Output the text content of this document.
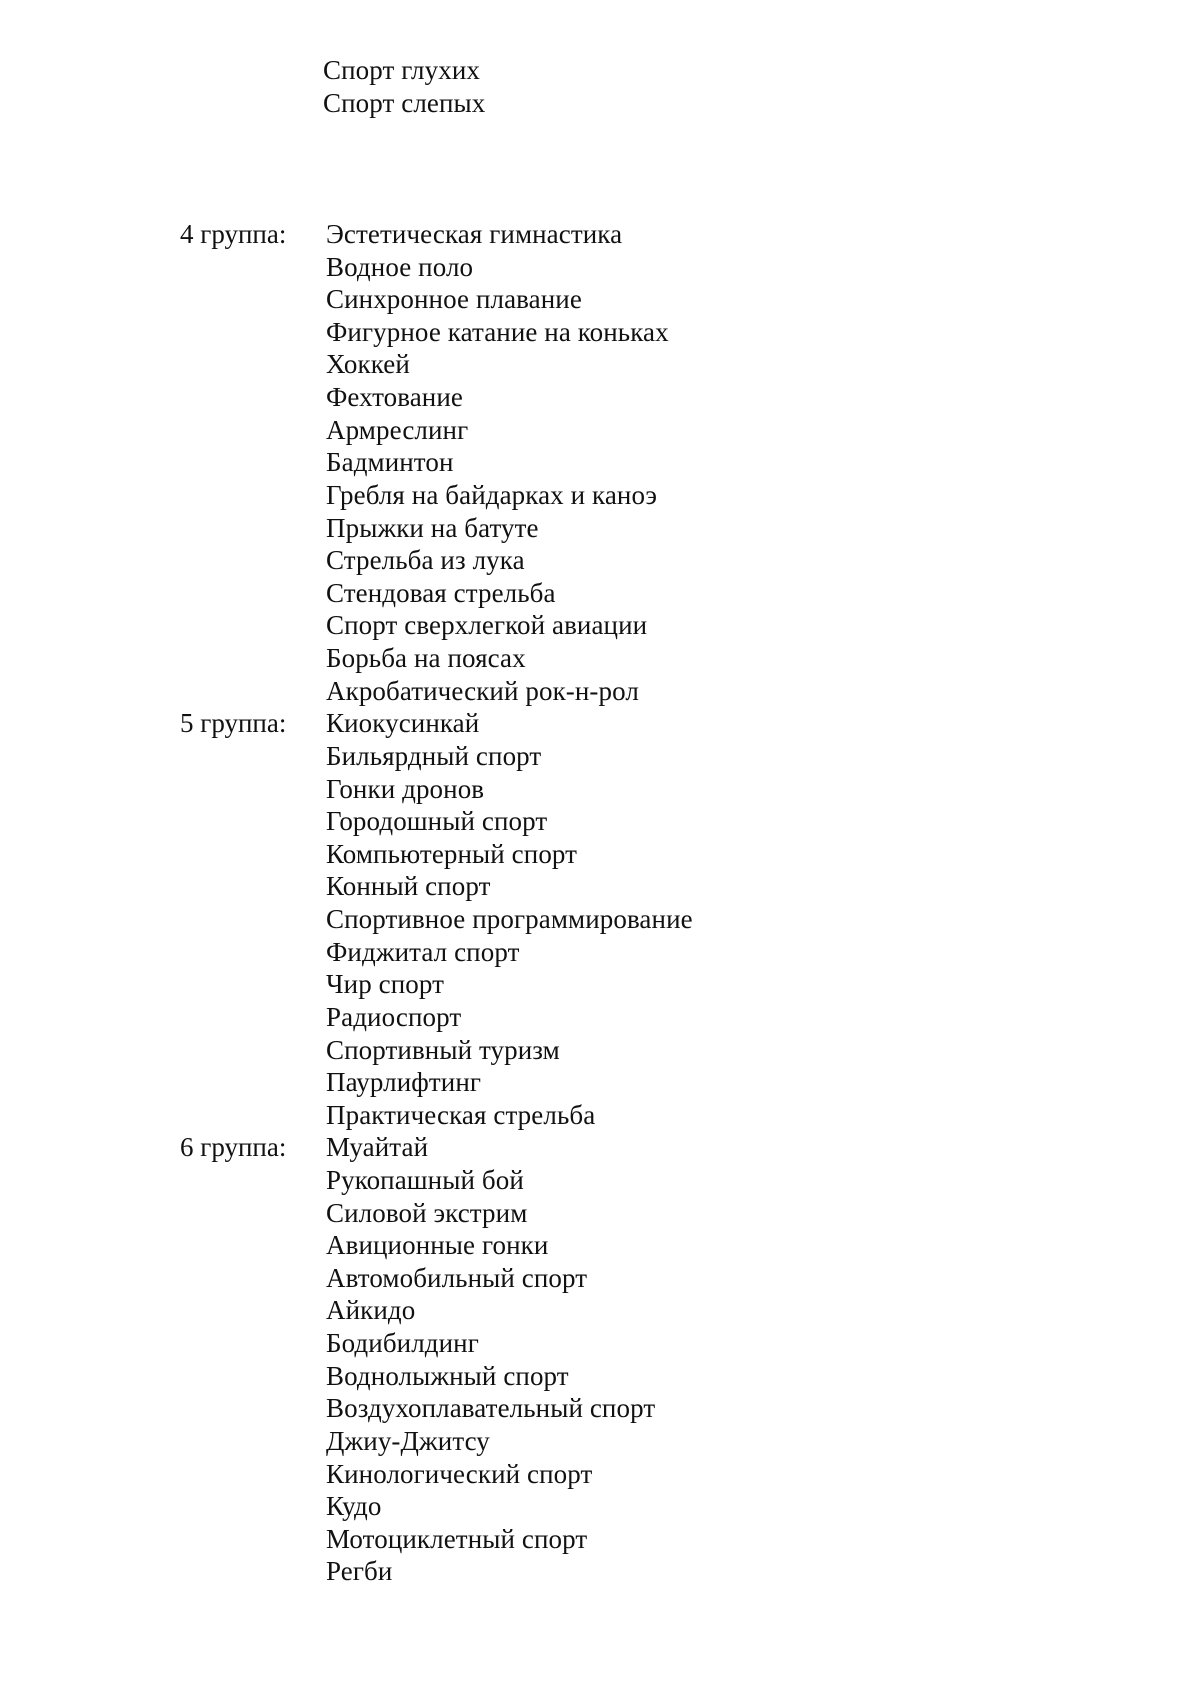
Спорт глухих
Спорт слепых
4 группа: Эстетическая гимнастика
Водное поло
Синхронное плавание
Фигурное катание на коньках
Хоккей
Фехтование
Армреслинг
Бадминтон
Гребля на байдарках и каноэ
Прыжки на батуте
Стрельба из лука
Стендовая стрельба
Спорт сверхлегкой авиации
Борьба на поясах
Акробатический рок-н-рол
5 группа: Киокусинкай
Бильярдный спорт
Гонки дронов
Городошный спорт
Компьютерный спорт
Конный спорт
Спортивное программирование
Фиджитал спорт
Чир спорт
Радиоспорт
Спортивный туризм
Паурлифтинг
Практическая стрельба
6 группа: Муайтай
Рукопашный бой
Силовой экстрим
Авиционные гонки
Автомобильный спорт
Айкидо
Бодибилдинг
Воднолыжный спорт
Воздухоплавательный спорт
Джиу-Джитсу
Кинологический спорт
Кудо
Мотоциклетный спорт
Регби
